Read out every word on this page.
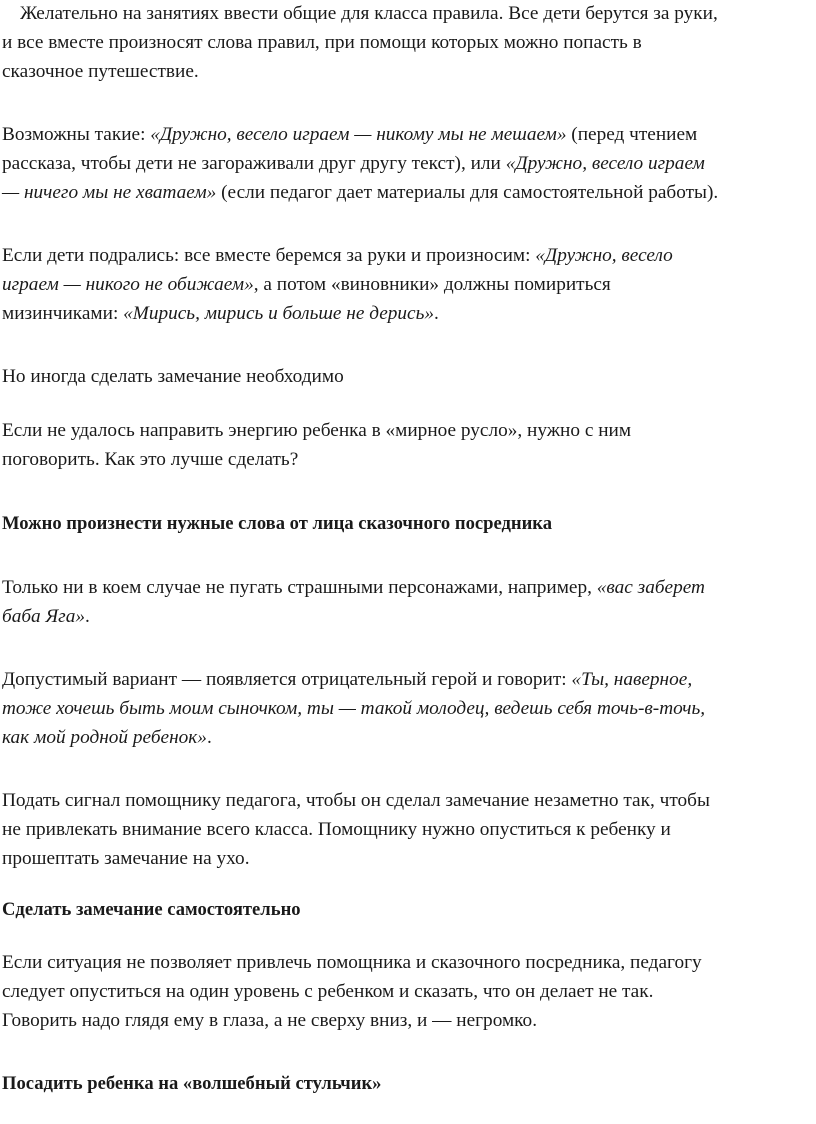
Желательно на занятиях ввести общие для класса правила. Все дети берутся за руки,
и все вместе произносят слова правил, при помощи которых можно попасть в
сказочное путешествие.
Возможны такие: «Дружно, весело играем — никому мы не мешаем» (перед чтением
рассказа, чтобы дети не загораживали друг другу текст), или «Дружно, весело играем
— ничего мы не хватаем» (если педагог дает материалы для самостоятельной работы).
Если дети подрались: все вместе беремся за руки и произносим: «Дружно, весело
играем — никого не обижаем», а потом «виновники» должны помириться
мизинчиками: «Мирись, мирись и больше не дерись».
Но иногда сделать замечание необходимо
Если не удалось направить энергию ребенка в «мирное русло», нужно с ним
поговорить. Как это лучше сделать?
Можно произнести нужные слова от лица сказочного посредника
Только ни в коем случае не пугать страшными персонажами, например, «вас заберет
баба Яга».
Допустимый вариант — появляется отрицательный герой и говорит: «Ты, наверное,
тоже хочешь быть моим сыночком, ты — такой молодец, ведешь себя точь-в-точь,
как мой родной ребенок».
Подать сигнал помощнику педагога, чтобы он сделал замечание незаметно так, чтобы
не привлекать внимание всего класса. Помощнику нужно опуститься к ребенку и
прошептать замечание на ухо.
Сделать замечание самостоятельно
Если ситуация не позволяет привлечь помощника и сказочного посредника, педагогу
следует опуститься на один уровень с ребенком и сказать, что он делает не так.
Говорить надо глядя ему в глаза, а не сверху вниз, и — негромко.
Посадить ребенка на «волшебный стульчик»
